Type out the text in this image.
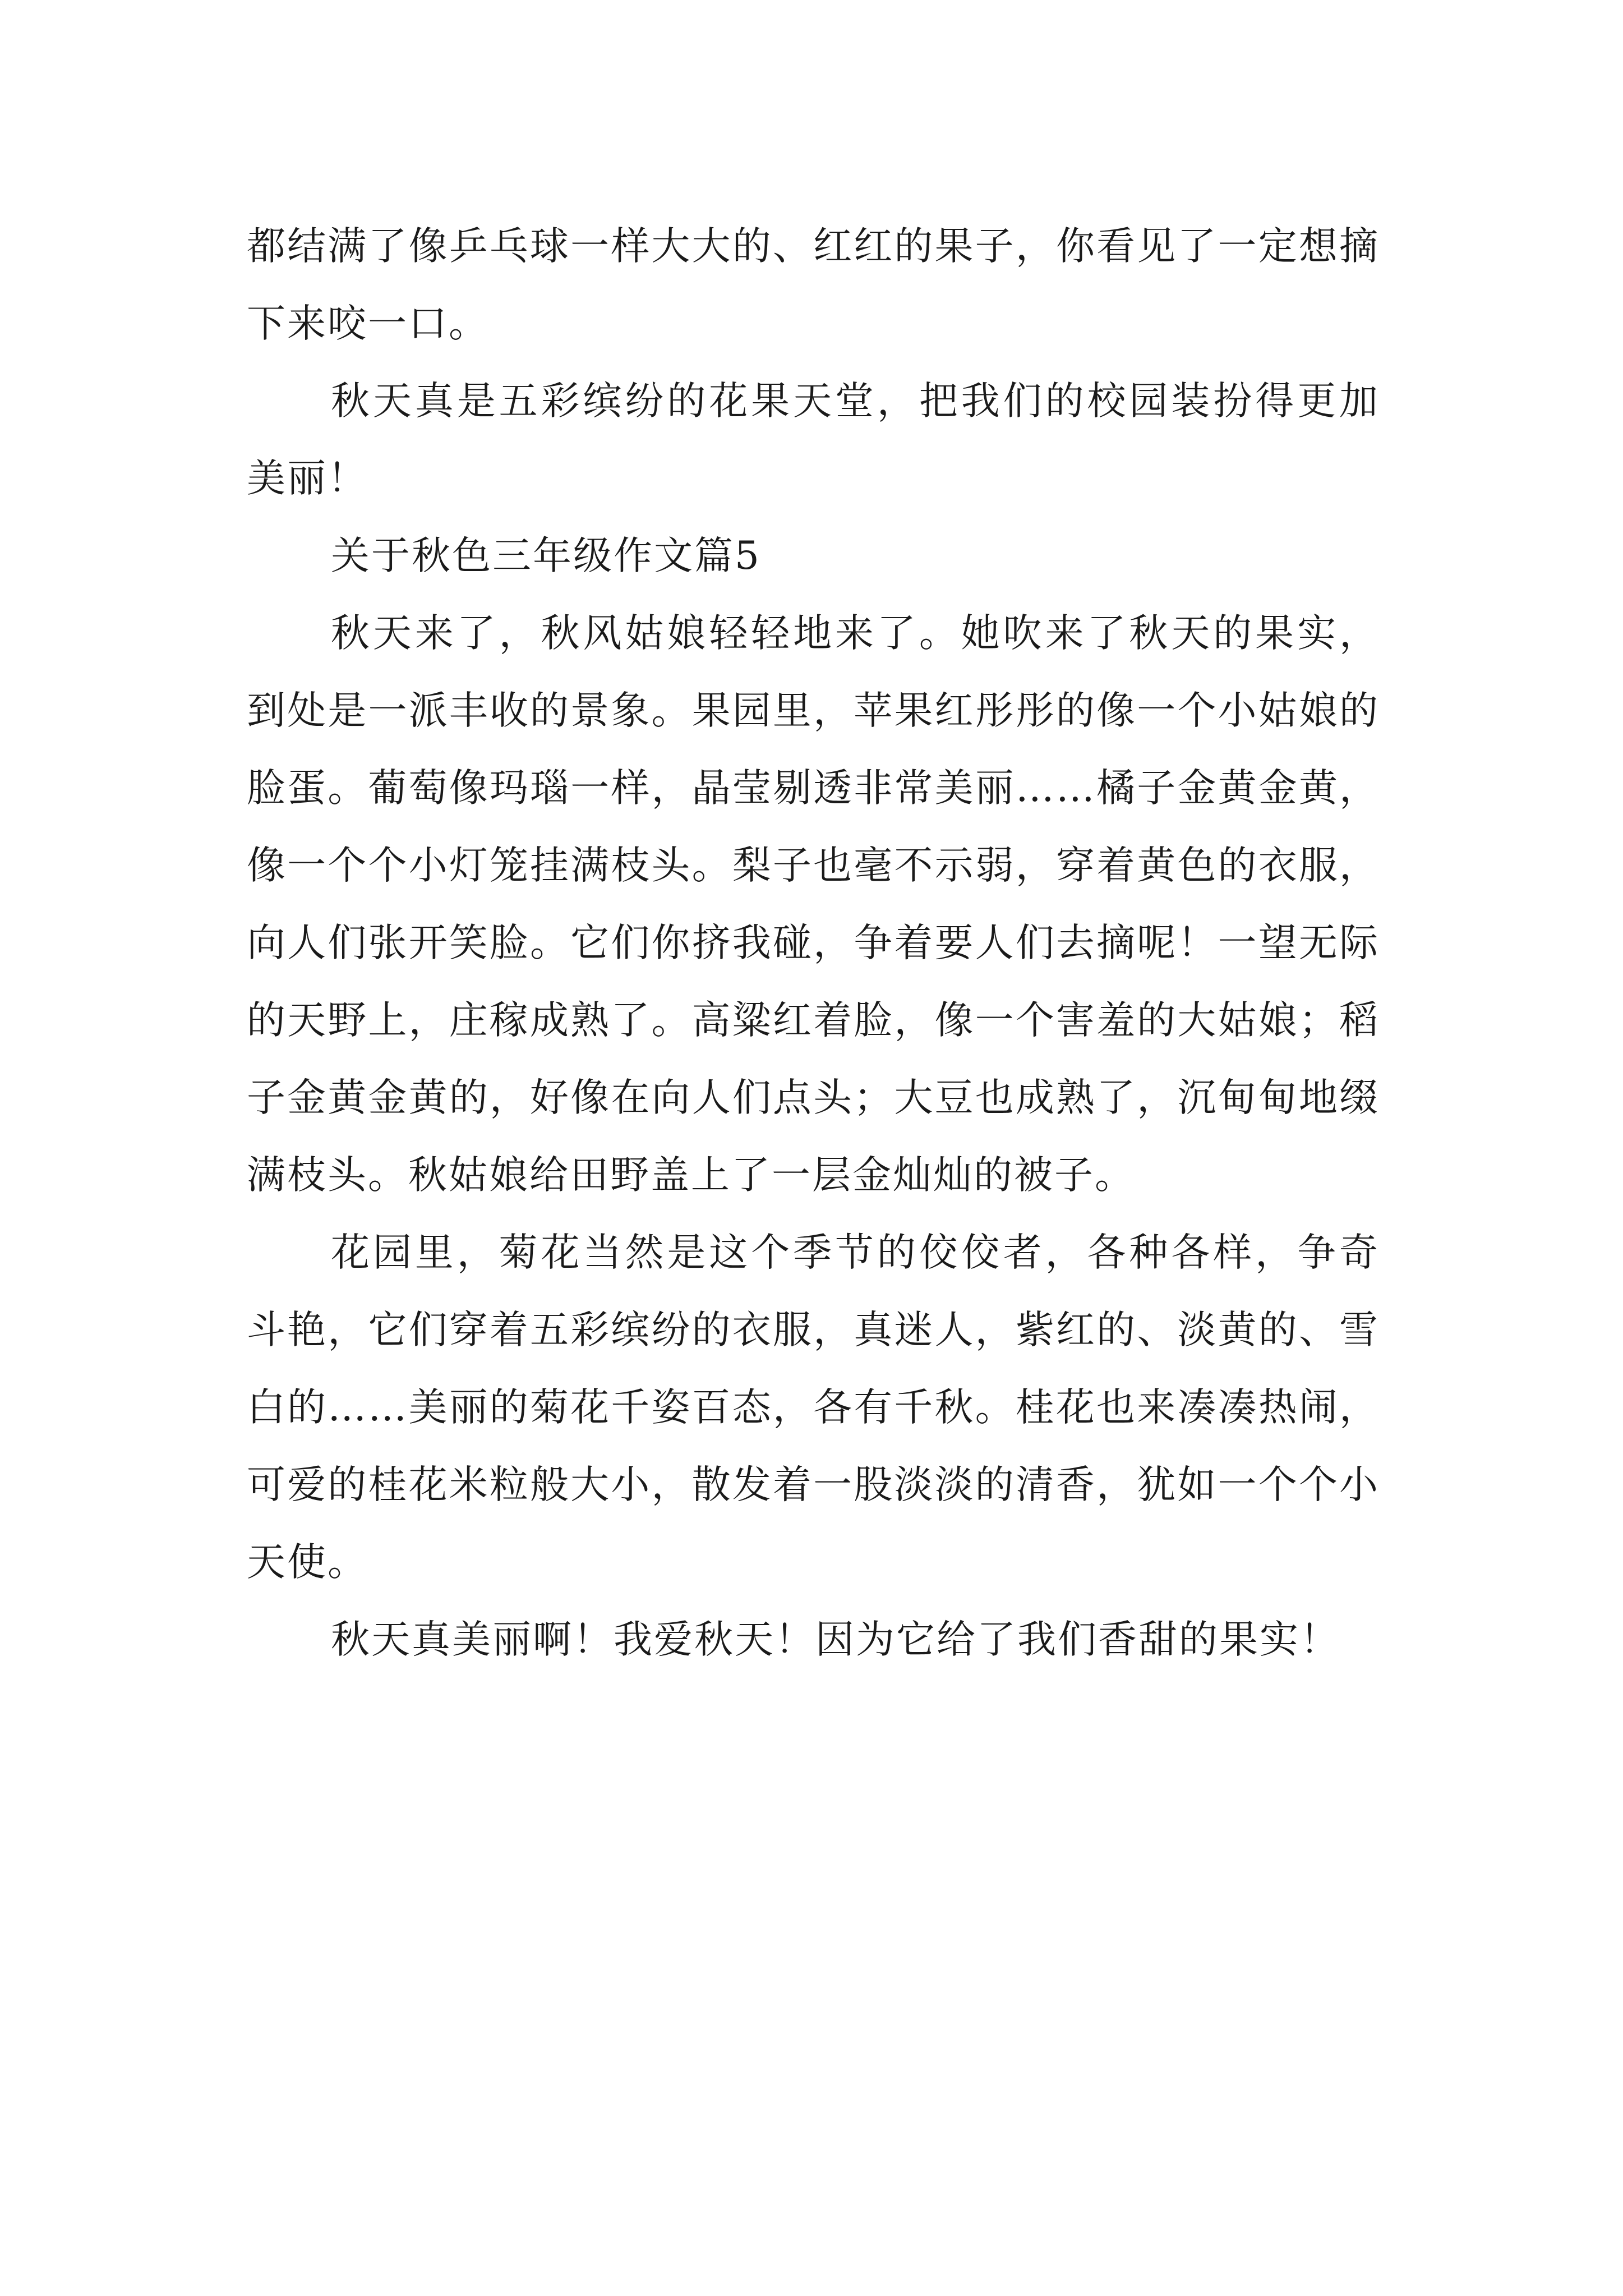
都结满了像乒乓球一样大大的、红红的果子，你看见了一定想摘下来咬一口。

秋天真是五彩缤纷的花果天堂，把我们的校园装扮得更加美丽！

关于秋色三年级作文篇5

秋天来了，秋风姑娘轻轻地来了。她吹来了秋天的果实，到处是一派丰收的景象。果园里，苹果红彤彤的像一个小姑娘的脸蛋。葡萄像玛瑙一样，晶莹剔透非常美丽……橘子金黄金黄，像一个个小灯笼挂满枝头。梨子也毫不示弱，穿着黄色的衣服，向人们张开笑脸。它们你挤我碰，争着要人们去摘呢！一望无际的天野上，庄稼成熟了。高粱红着脸，像一个害羞的大姑娘；稻子金黄金黄的，好像在向人们点头；大豆也成熟了，沉甸甸地缀满枝头。秋姑娘给田野盖上了一层金灿灿的被子。

花园里，菊花当然是这个季节的佼佼者，各种各样，争奇斗艳，它们穿着五彩缤纷的衣服，真迷人，紫红的、淡黄的、雪白的……美丽的菊花千姿百态，各有千秋。桂花也来凑凑热闹，可爱的桂花米粒般大小，散发着一股淡淡的清香，犹如一个个小天使。

秋天真美丽啊！我爱秋天！因为它给了我们香甜的果实！
